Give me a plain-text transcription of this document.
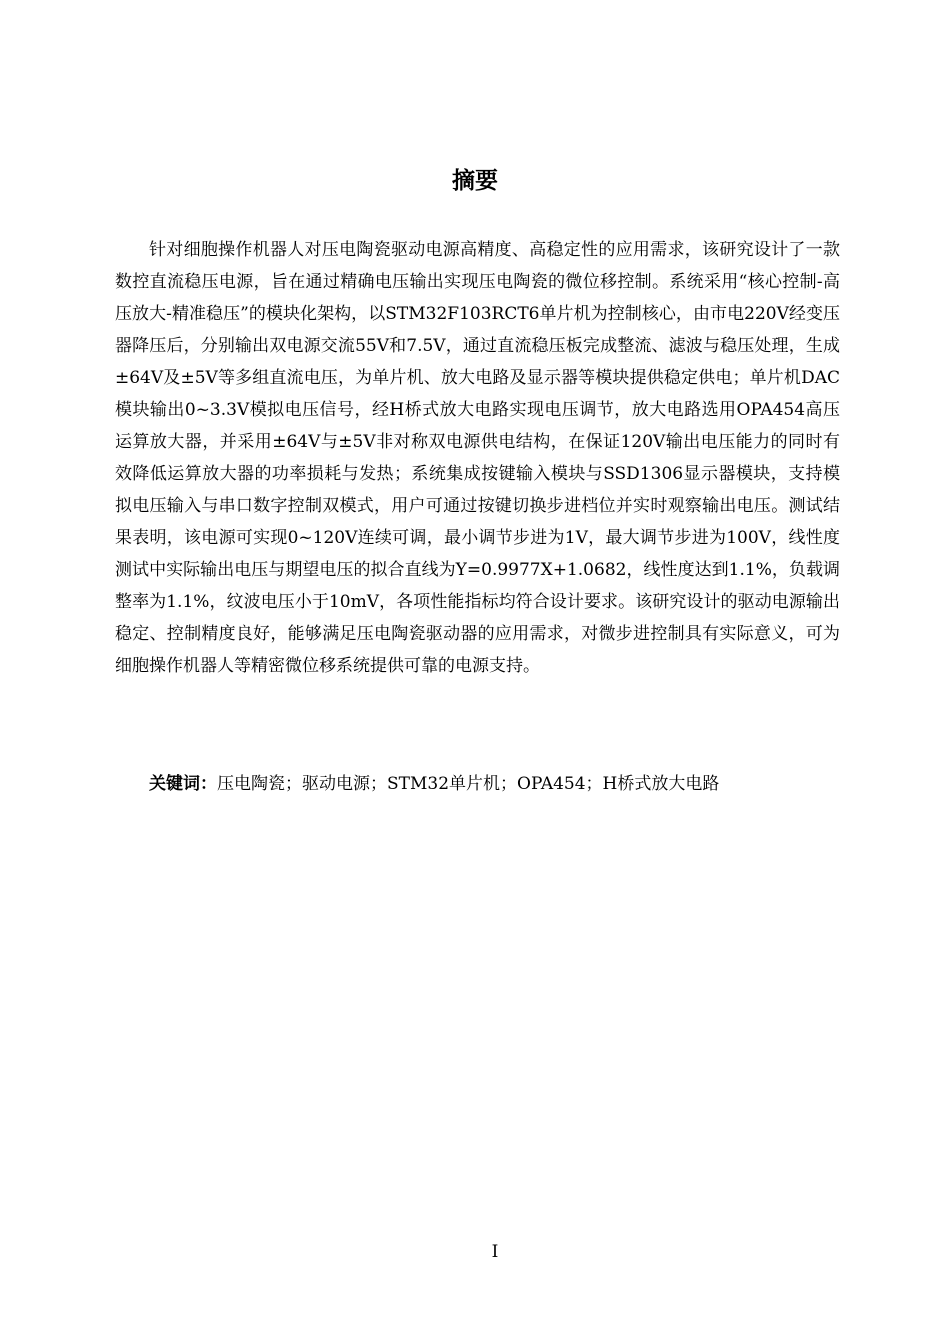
摘要

针对细胞操作机器人对压电陶瓷驱动电源高精度、高稳定性的应用需求，该研究设计了一款数控直流稳压电源，旨在通过精确电压输出实现压电陶瓷的微位移控制。系统采用“核心控制-高压放大-精准稳压”的模块化架构，以STM32F103RCT6单片机为控制核心，由市电220V经变压器降压后，分别输出双电源交流55V和7.5V，通过直流稳压板完成整流、滤波与稳压处理，生成±64V及±5V等多组直流电压，为单片机、放大电路及显示器等模块提供稳定供电；单片机DAC模块输出0~3.3V模拟电压信号，经H桥式放大电路实现电压调节，放大电路选用OPA454高压运算放大器，并采用±64V与±5V非对称双电源供电结构，在保证120V输出电压能力的同时有效降低运算放大器的功率损耗与发热；系统集成按键输入模块与SSD1306显示器模块，支持模拟电压输入与串口数字控制双模式，用户可通过按键切换步进档位并实时观察输出电压。测试结果表明，该电源可实现0~120V连续可调，最小调节步进为1V，最大调节步进为100V，线性度测试中实际输出电压与期望电压的拟合直线为Y=0.9977X+1.0682，线性度达到1.1%，负载调整率为1.1%，纹波电压小于10mV，各项性能指标均符合设计要求。该研究设计的驱动电源输出稳定、控制精度良好，能够满足压电陶瓷驱动器的应用需求，对微步进控制具有实际意义，可为细胞操作机器人等精密微位移系统提供可靠的电源支持。

关键词：压电陶瓷；驱动电源；STM32单片机；OPA454；H桥式放大电路

I
